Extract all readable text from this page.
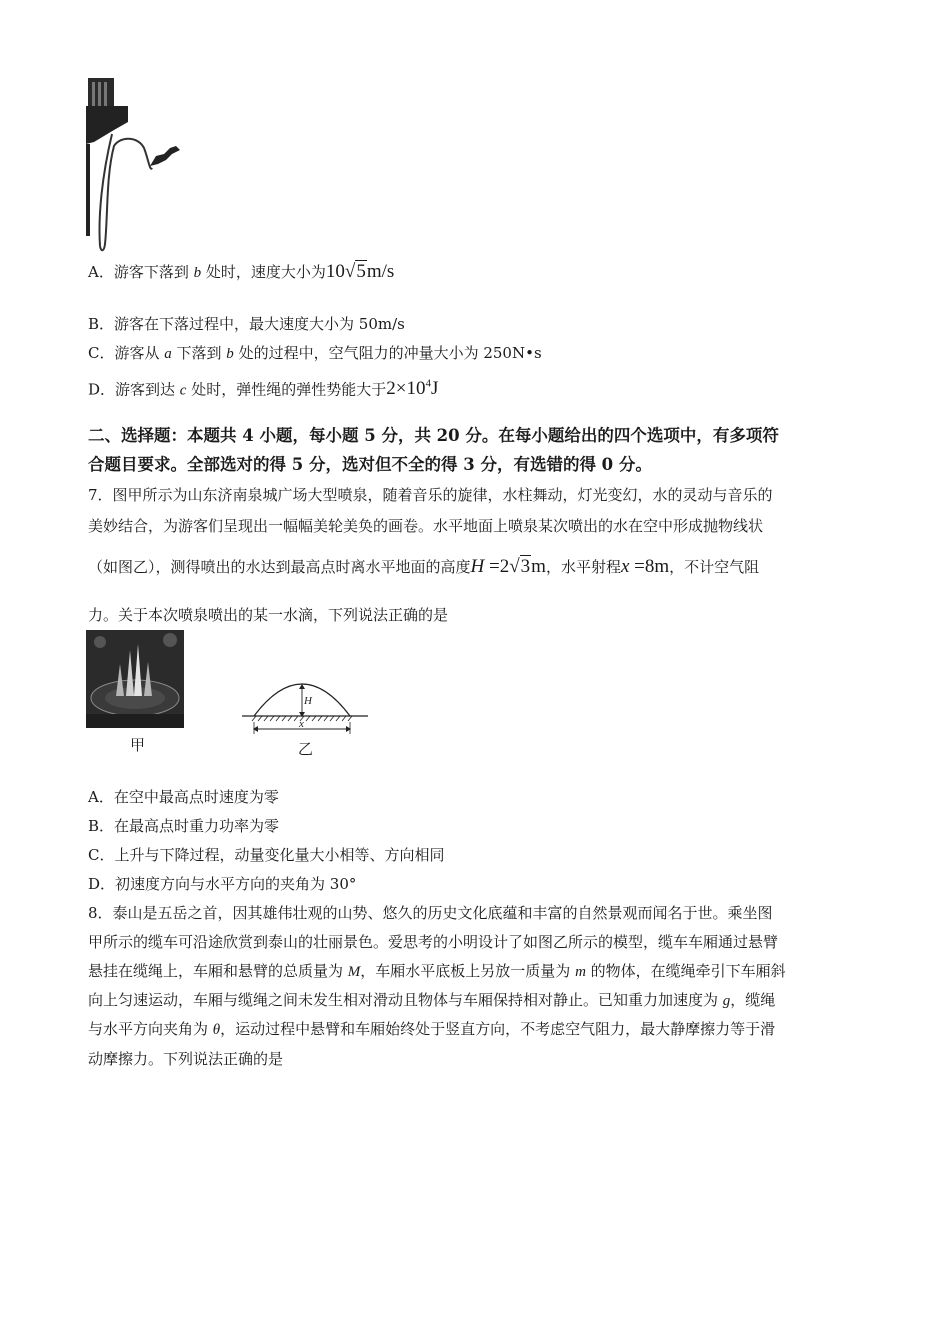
A．游客下落到 b 处时，速度大小为10√5m/s
B．游客在下落过程中，最大速度大小为 50m/s
C．游客从 a 下落到 b 处的过程中，空气阻力的冲量大小为 250N•s
D．游客到达 c 处时，弹性绳的弹性势能大于$2\times 10^4J$
二、选择题：本题共 4 小题，每小题 5 分，共 20 分。在每小题给出的四个选项中，有多项符
合题目要求。全部选对的得 5 分，选对但不全的得 3 分，有选错的得 0 分。
7．图甲所示为山东济南泉城广场大型喷泉，随着音乐的旋律，水柱舞动，灯光变幻，水的灵动与音乐的
美妙结合，为游客们呈现出一幅幅美轮美奂的画卷。水平地面上喷泉某次喷出的水在空中形成抛物线状
（如图乙），测得喷出的水达到最高点时离水平地面的高度H =2√3m，水平射程x =8m，不计空气阻
力。关于本次喷泉喷出的某一水滴，下列说法正确的是
甲
H
x
乙
A．在空中最高点时速度为零
B．在最高点时重力功率为零
C．上升与下降过程，动量变化量大小相等、方向相同
D．初速度方向与水平方向的夹角为 30°
8．泰山是五岳之首，因其雄伟壮观的山势、悠久的历史文化底蕴和丰富的自然景观而闻名于世。乘坐图
甲所示的缆车可沿途欣赏到泰山的壮丽景色。爱思考的小明设计了如图乙所示的模型，缆车车厢通过悬臂
悬挂在缆绳上，车厢和悬臂的总质量为 M，车厢水平底板上另放一质量为 m 的物体，在缆绳牵引下车厢斜
向上匀速运动，车厢与缆绳之间未发生相对滑动且物体与车厢保持相对静止。已知重力加速度为 g，缆绳
与水平方向夹角为 θ，运动过程中悬臂和车厢始终处于竖直方向，不考虑空气阻力，最大静摩擦力等于滑
动摩擦力。下列说法正确的是
